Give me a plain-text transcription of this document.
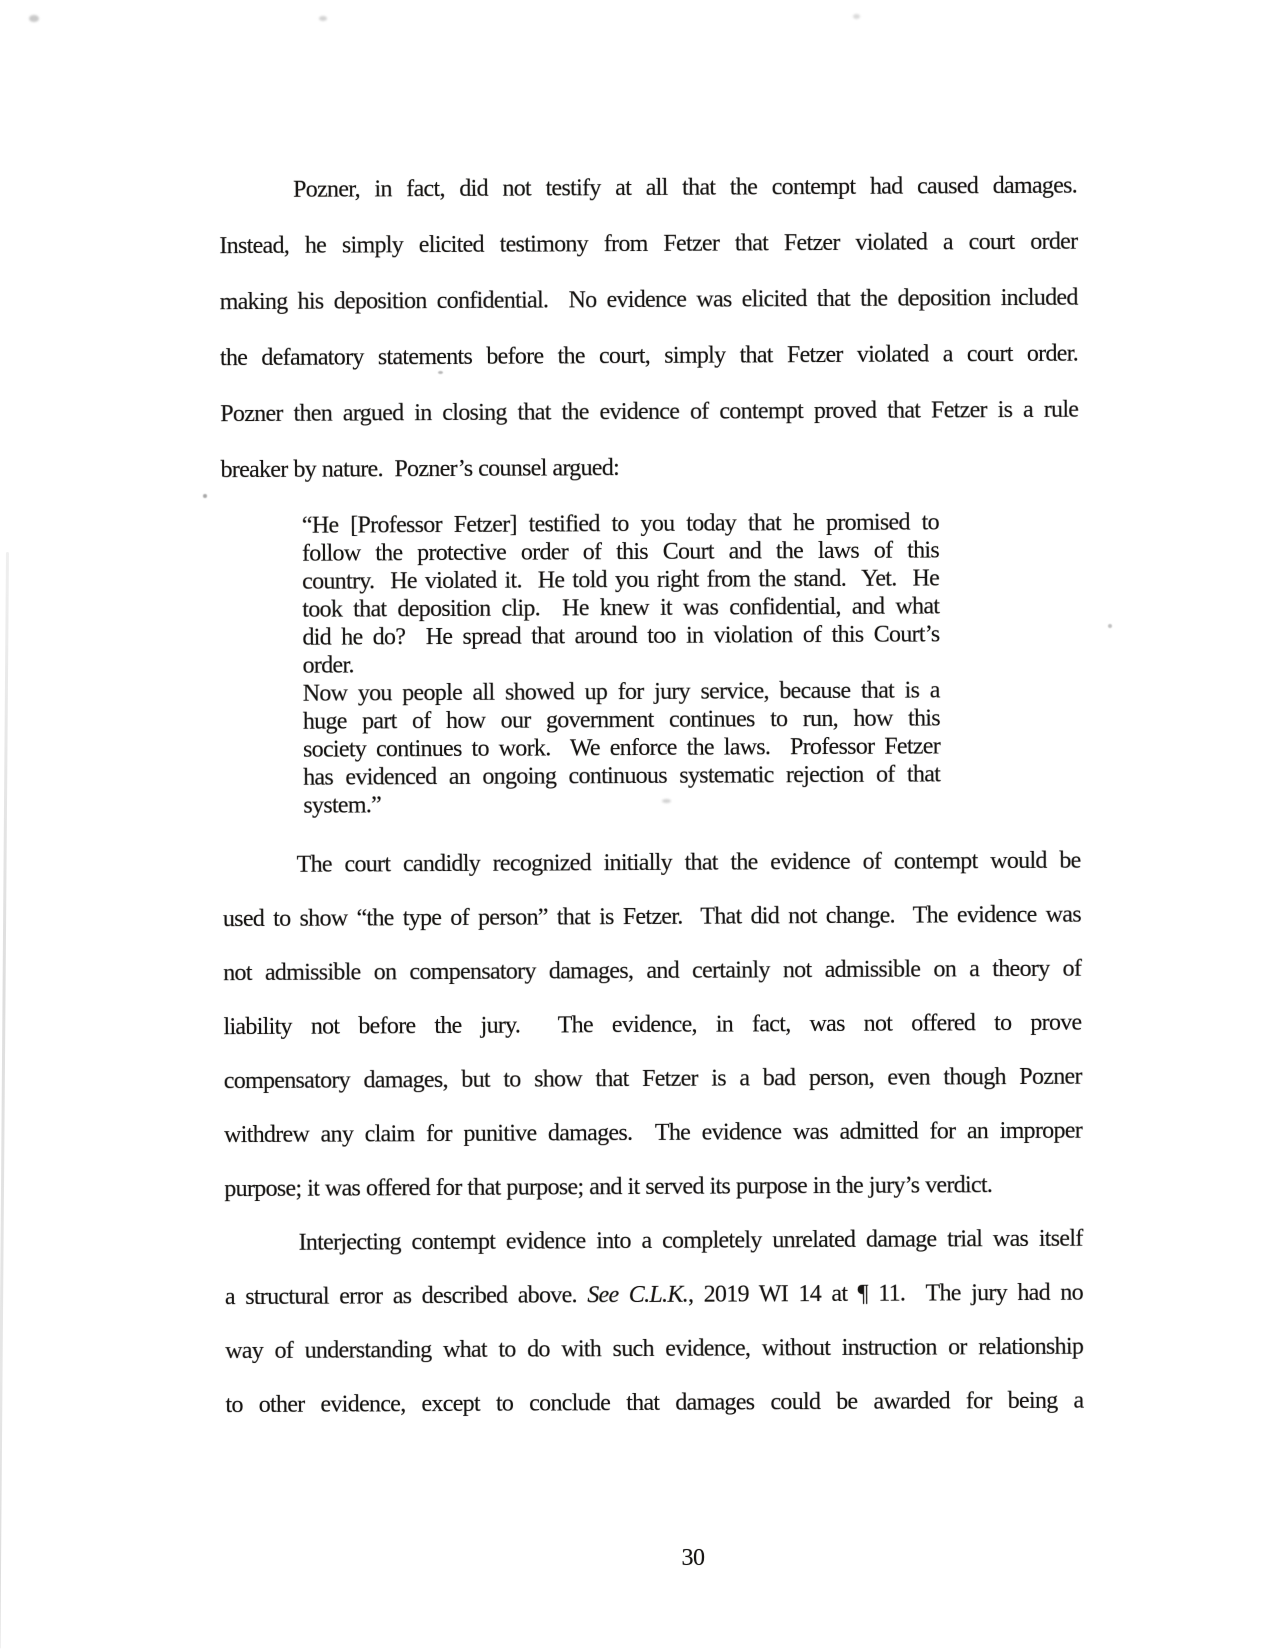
Pozner, in fact, did not testify at all that the contempt had caused damages.
Instead, he simply elicited testimony from Fetzer that Fetzer violated a court order
making his deposition confidential.  No evidence was elicited that the deposition included
the defamatory statements before the court, simply that Fetzer violated a court order.
Pozner then argued in closing that the evidence of contempt proved that Fetzer is a rule
breaker by nature.  Pozner’s counsel argued:
“He [Professor Fetzer] testified to you today that he promised to
follow the protective order of this Court and the laws of this
country.  He violated it.  He told you right from the stand.  Yet.  He
took that deposition clip.  He knew it was confidential, and what
did he do?  He spread that around too in violation of this Court’s
order.
Now you people all showed up for jury service, because that is a
huge part of how our government continues to run, how this
society continues to work.  We enforce the laws.  Professor Fetzer
has evidenced an ongoing continuous systematic rejection of that
system.”
The court candidly recognized initially that the evidence of contempt would be
used to show “the type of person” that is Fetzer.  That did not change.  The evidence was
not admissible on compensatory damages, and certainly not admissible on a theory of
liability not before the jury.  The evidence, in fact, was not offered to prove
compensatory damages, but to show that Fetzer is a bad person, even though Pozner
withdrew any claim for punitive damages.  The evidence was admitted for an improper
purpose; it was offered for that purpose; and it served its purpose in the jury’s verdict.
Interjecting contempt evidence into a completely unrelated damage trial was itself
a structural error as described above. See C.L.K., 2019 WI 14 at ¶ 11.  The jury had no
way of understanding what to do with such evidence, without instruction or relationship
to other evidence, except to conclude that damages could be awarded for being a
30
